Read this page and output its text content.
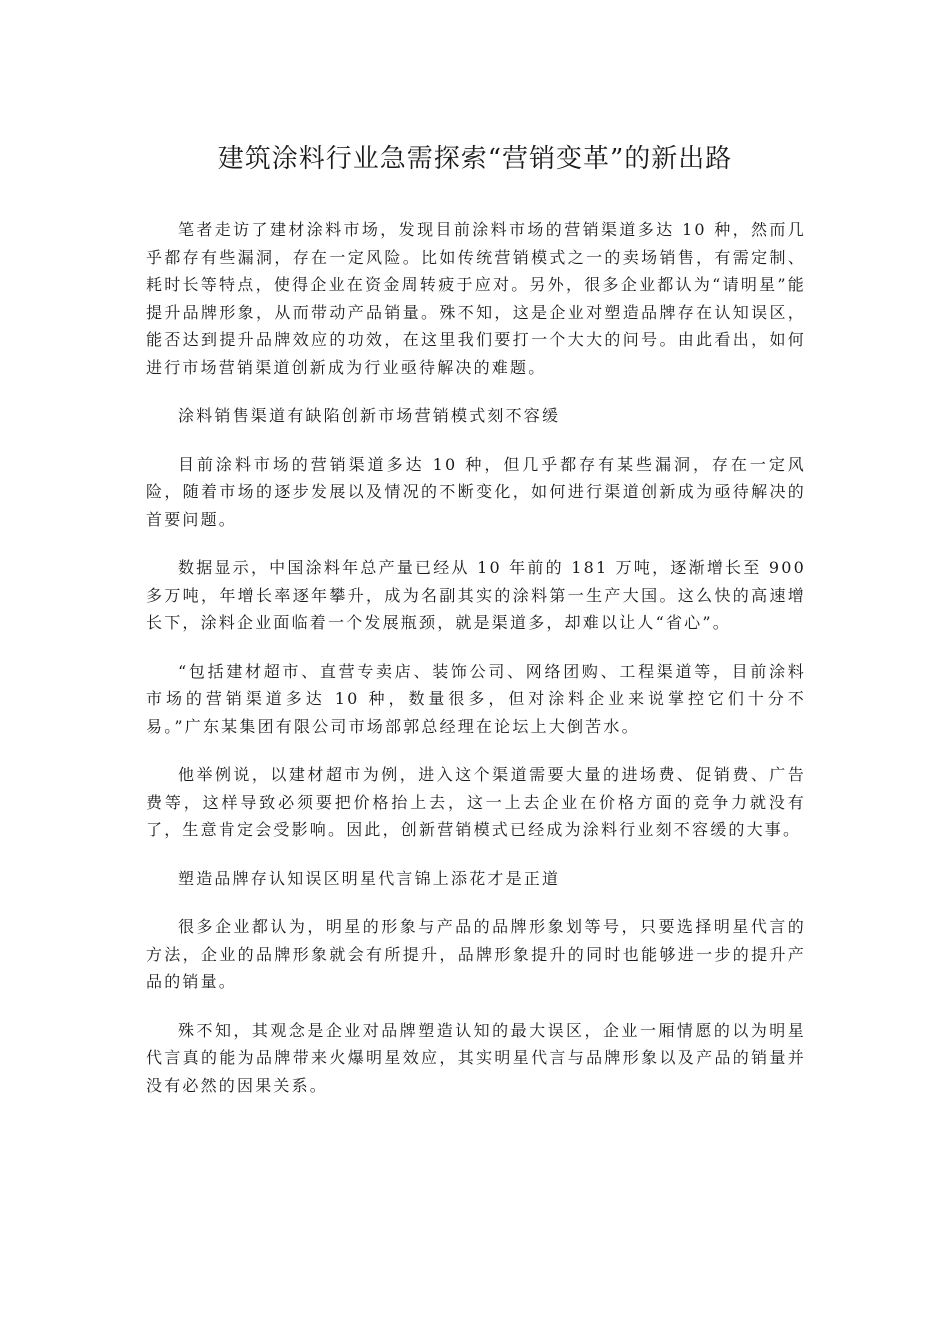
建筑涂料行业急需探索“营销变革”的新出路

笔者走访了建材涂料市场，发现目前涂料市场的营销渠道多达 10 种，然而几乎都存有些漏洞，存在一定风险。比如传统营销模式之一的卖场销售，有需定制、耗时长等特点，使得企业在资金周转疲于应对。另外，很多企业都认为“请明星”能提升品牌形象，从而带动产品销量。殊不知，这是企业对塑造品牌存在认知误区，能否达到提升品牌效应的功效，在这里我们要打一个大大的问号。由此看出，如何进行市场营销渠道创新成为行业亟待解决的难题。

涂料销售渠道有缺陷创新市场营销模式刻不容缓

目前涂料市场的营销渠道多达 10 种，但几乎都存有某些漏洞，存在一定风险，随着市场的逐步发展以及情况的不断变化，如何进行渠道创新成为亟待解决的首要问题。

数据显示，中国涂料年总产量已经从 10 年前的 181 万吨，逐渐增长至 900 多万吨，年增长率逐年攀升，成为名副其实的涂料第一生产大国。这么快的高速增长下，涂料企业面临着一个发展瓶颈，就是渠道多，却难以让人“省心”。

“包括建材超市、直营专卖店、装饰公司、网络团购、工程渠道等，目前涂料市场的营销渠道多达 10 种，数量很多，但对涂料企业来说掌控它们十分不易。”广东某集团有限公司市场部郭总经理在论坛上大倒苦水。

他举例说，以建材超市为例，进入这个渠道需要大量的进场费、促销费、广告费等，这样导致必须要把价格抬上去，这一上去企业在价格方面的竞争力就没有了，生意肯定会受影响。因此，创新营销模式已经成为涂料行业刻不容缓的大事。

塑造品牌存认知误区明星代言锦上添花才是正道

很多企业都认为，明星的形象与产品的品牌形象划等号，只要选择明星代言的方法，企业的品牌形象就会有所提升，品牌形象提升的同时也能够进一步的提升产品的销量。

殊不知，其观念是企业对品牌塑造认知的最大误区，企业一厢情愿的以为明星代言真的能为品牌带来火爆明星效应，其实明星代言与品牌形象以及产品的销量并没有必然的因果关系。
